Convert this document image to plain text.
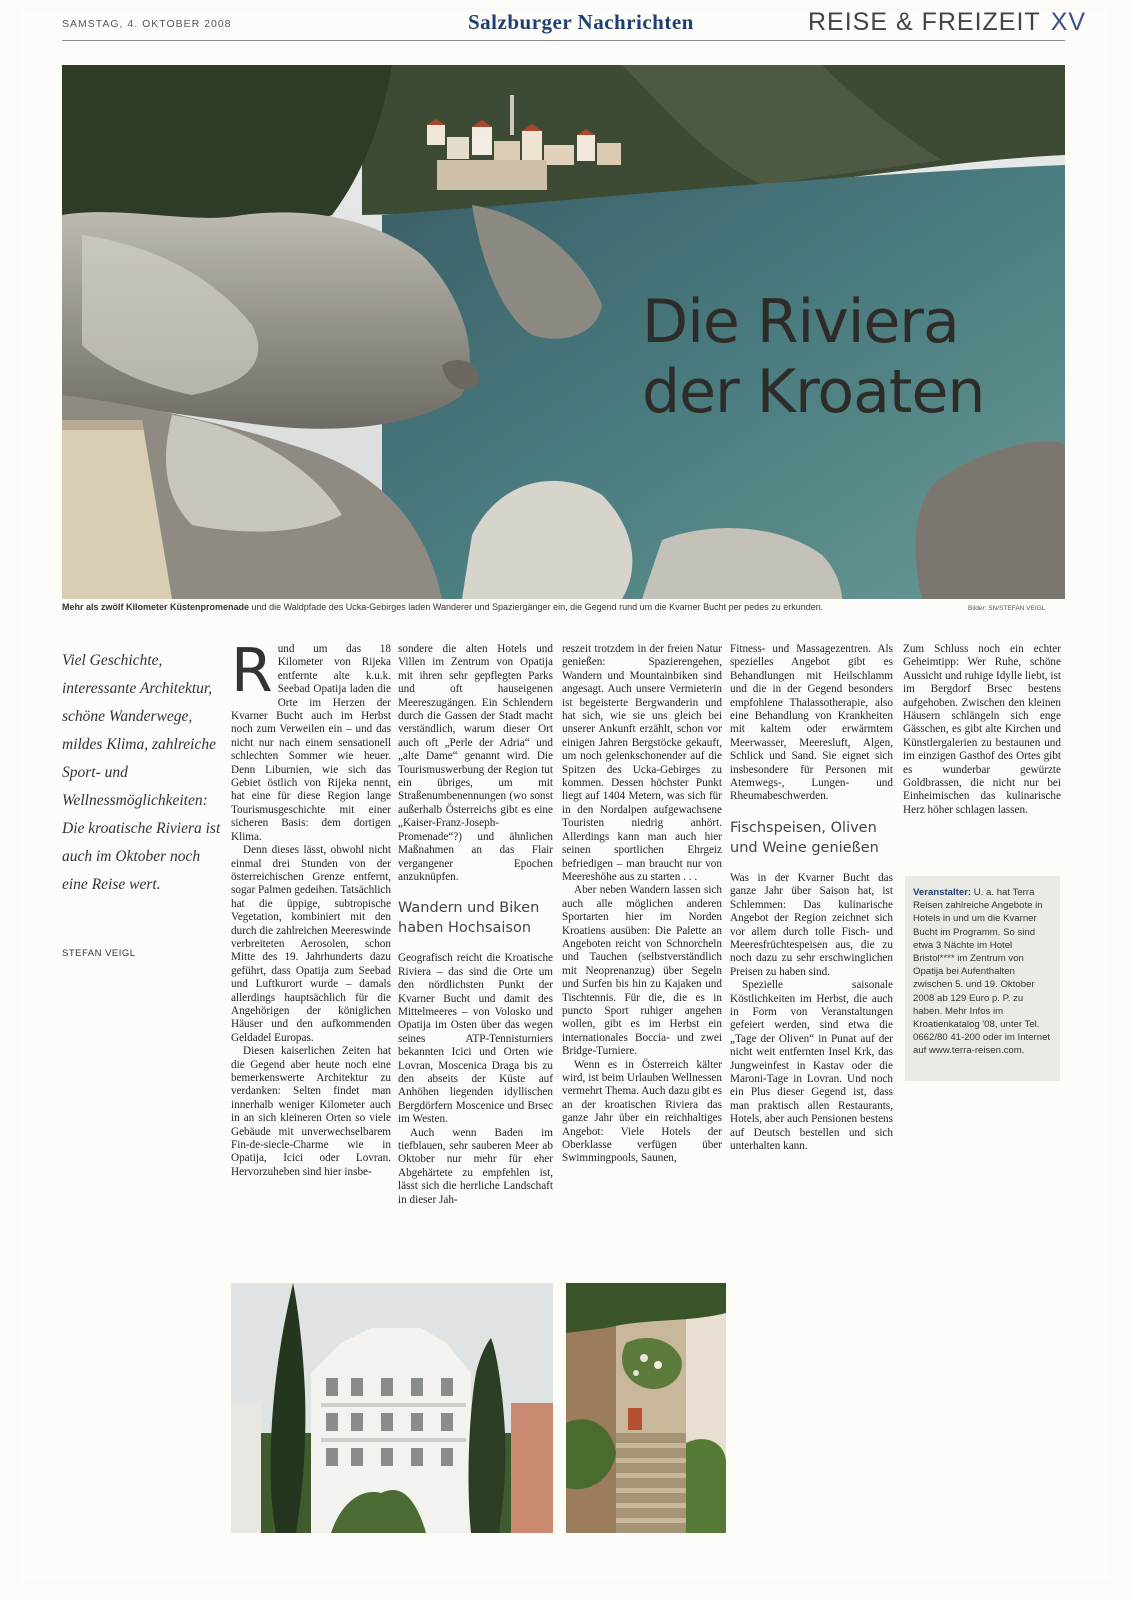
SAMSTAG, 4. OKTOBER 2008	Salzburger Nachrichten	REISE & FREIZEIT XV
Die Riviera
der Kroaten
Mehr als zwölf Kilometer Küstenpromenade und die Waldpfade des Ucka-Gebirges laden Wanderer und Spaziergänger ein, die Gegend rund um die Kvarner Bucht per pedes zu erkunden.	Bilder: SN/STEFAN VEIGL
Viel Geschichte, interessante Architektur, schöne Wanderwege, mildes Klima, zahlreiche Sport- und Wellnessmöglichkeiten: Die kroatische Riviera ist auch im Oktober noch eine Reise wert.
STEFAN VEIGL
R und um das 18 Kilometer von Rijeka entfernte alte k.u.k. Seebad Opatija laden die Orte im Herzen der Kvarner Bucht auch im Herbst noch zum Verweilen ein – und das nicht nur nach einem sensationell schlechten Sommer wie heuer. Denn Liburnien, wie sich das Gebiet östlich von Rijeka nennt, hat eine für diese Region lange Tourismusgeschichte mit einer sicheren Basis: dem dortigen Klima.

Denn dieses lässt, obwohl nicht einmal drei Stunden von der österreichischen Grenze entfernt, sogar Palmen gedeihen. Tatsächlich hat die üppige, subtropische Vegetation, kombiniert mit den durch die zahlreichen Meereswinde verbreiteten Aerosolen, schon Mitte des 19. Jahrhunderts dazu geführt, dass Opatija zum Seebad und Luftkurort wurde – damals allerdings hauptsächlich für die Angehörigen der königlichen Häuser und den aufkommenden Geldadel Europas.

Diesen kaiserlichen Zeiten hat die Gegend aber heute noch eine bemerkenswerte Architektur zu verdanken: Selten findet man innerhalb weniger Kilometer auch in an sich kleineren Orten so viele Gebäude mit unverwechselbarem Fin-de-siecle-Charme wie in Opatija, Icici oder Lovran. Hervorzuheben sind hier insbe-

sondere die alten Hotels und Villen im Zentrum von Opatija mit ihren sehr gepflegten Parks und oft hauseigenen Meereszugängen. Ein Schlendern durch die Gassen der Stadt macht verständlich, warum dieser Ort auch oft „Perle der Adria“ und „alte Dame“ genannt wird. Die Tourismuswerbung der Region tut ein übriges, um mit Straßenumbenennungen (wo sonst außerhalb Österreichs gibt es eine „Kaiser-Franz-Joseph-Promenade“?) und ähnlichen Maßnahmen an das Flair vergangener Epochen anzuknüpfen.

Wandern und Biken haben Hochsaison

Geografisch reicht die Kroatische Riviera – das sind die Orte um den nördlichsten Punkt der Kvarner Bucht und damit des Mittelmeeres – von Volosko und Opatija im Osten über das wegen seines ATP-Tennisturniers bekannten Icici und Orten wie Lovran, Moscenica Draga bis zu den abseits der Küste auf Anhöhen liegenden idyllischen Bergdörfern Moscenice und Brsec im Westen.

Auch wenn Baden im tiefblauen, sehr sauberen Meer ab Oktober nur mehr für eher Abgehärtete zu empfehlen ist, lässt sich die herrliche Landschaft in dieser Jah-

reszeit trotzdem in der freien Natur genießen: Spazierengehen, Wandern und Mountainbiken sind angesagt. Auch unsere Vermieterin ist begeisterte Bergwanderin und hat sich, wie sie uns gleich bei unserer Ankunft erzählt, schon vor einigen Jahren Bergstöcke gekauft, um noch gelenkschonender auf die Spitzen des Ucka-Gebirges zu kommen. Dessen höchster Punkt liegt auf 1404 Metern, was sich für in den Nordalpen aufgewachsene Touristen niedrig anhört. Allerdings kann man auch hier seinen sportlichen Ehrgeiz befriedigen – man braucht nur von Meereshöhe aus zu starten . . .

Aber neben Wandern lassen sich auch alle möglichen anderen Sportarten hier im Norden Kroatiens ausüben: Die Palette an Angeboten reicht von Schnorcheln und Tauchen (selbstverständlich mit Neoprenanzug) über Segeln und Surfen bis hin zu Kajaken und Tischtennis. Für die, die es in puncto Sport ruhiger angehen wollen, gibt es im Herbst ein internationales Boccia- und zwei Bridge-Turniere.

Wenn es in Österreich kälter wird, ist beim Urlauben Wellnessen vermehrt Thema. Auch dazu gibt es an der kroatischen Riviera das ganze Jahr über ein reichhaltiges Angebot: Viele Hotels der Oberklasse verfügen über Swimmingpools, Saunen,

Fitness- und Massagezentren. Als spezielles Angebot gibt es Behandlungen mit Heilschlamm und die in der Gegend besonders empfohlene Thalassotherapie, also eine Behandlung von Krankheiten mit kaltem oder erwärmtem Meerwasser, Meeresluft, Algen, Schlick und Sand. Sie eignet sich insbesondere für Personen mit Atemwegs-, Lungen- und Rheumabeschwerden.

Fischspeisen, Oliven und Weine genießen

Was in der Kvarner Bucht das ganze Jahr über Saison hat, ist Schlemmen: Das kulinarische Angebot der Region zeichnet sich vor allem durch tolle Fisch- und Meeresfrüchtespeisen aus, die zu noch dazu zu sehr erschwinglichen Preisen zu haben sind.

Spezielle saisonale Köstlichkeiten im Herbst, die auch in Form von Veranstaltungen gefeiert werden, sind etwa die „Tage der Oliven“ in Punat auf der nicht weit entfernten Insel Krk, das Jungweinfest in Kastav oder die Maroni-Tage in Lovran. Und noch ein Plus dieser Gegend ist, dass man praktisch allen Restaurants, Hotels, aber auch Pensionen bestens auf Deutsch bestellen und sich unterhalten kann.

Zum Schluss noch ein echter Geheimtipp: Wer Ruhe, schöne Aussicht und ruhige Idylle liebt, ist im Bergdorf Brsec bestens aufgehoben. Zwischen den kleinen Häusern schlängeln sich enge Gässchen, es gibt alte Kirchen und Künstlergalerien zu bestaunen und im einzigen Gasthof des Ortes gibt es wunderbar gewürzte Goldbrassen, die nicht nur bei Einheimischen das kulinarische Herz höher schlagen lassen.

Veranstalter: U. a. hat Terra Reisen zahlreiche Angebote in Hotels in und um die Kvarner Bucht im Programm. So sind etwa 3 Nächte im Hotel Bristol**** im Zentrum von Opatija bei Aufenthalten zwischen 5. und 19. Oktober 2008 ab 129 Euro p. P. zu haben. Mehr Infos im Kroatienkatalog '08, unter Tel. 0662/80 41-200 oder im Internet auf www.terra-reisen.com.
